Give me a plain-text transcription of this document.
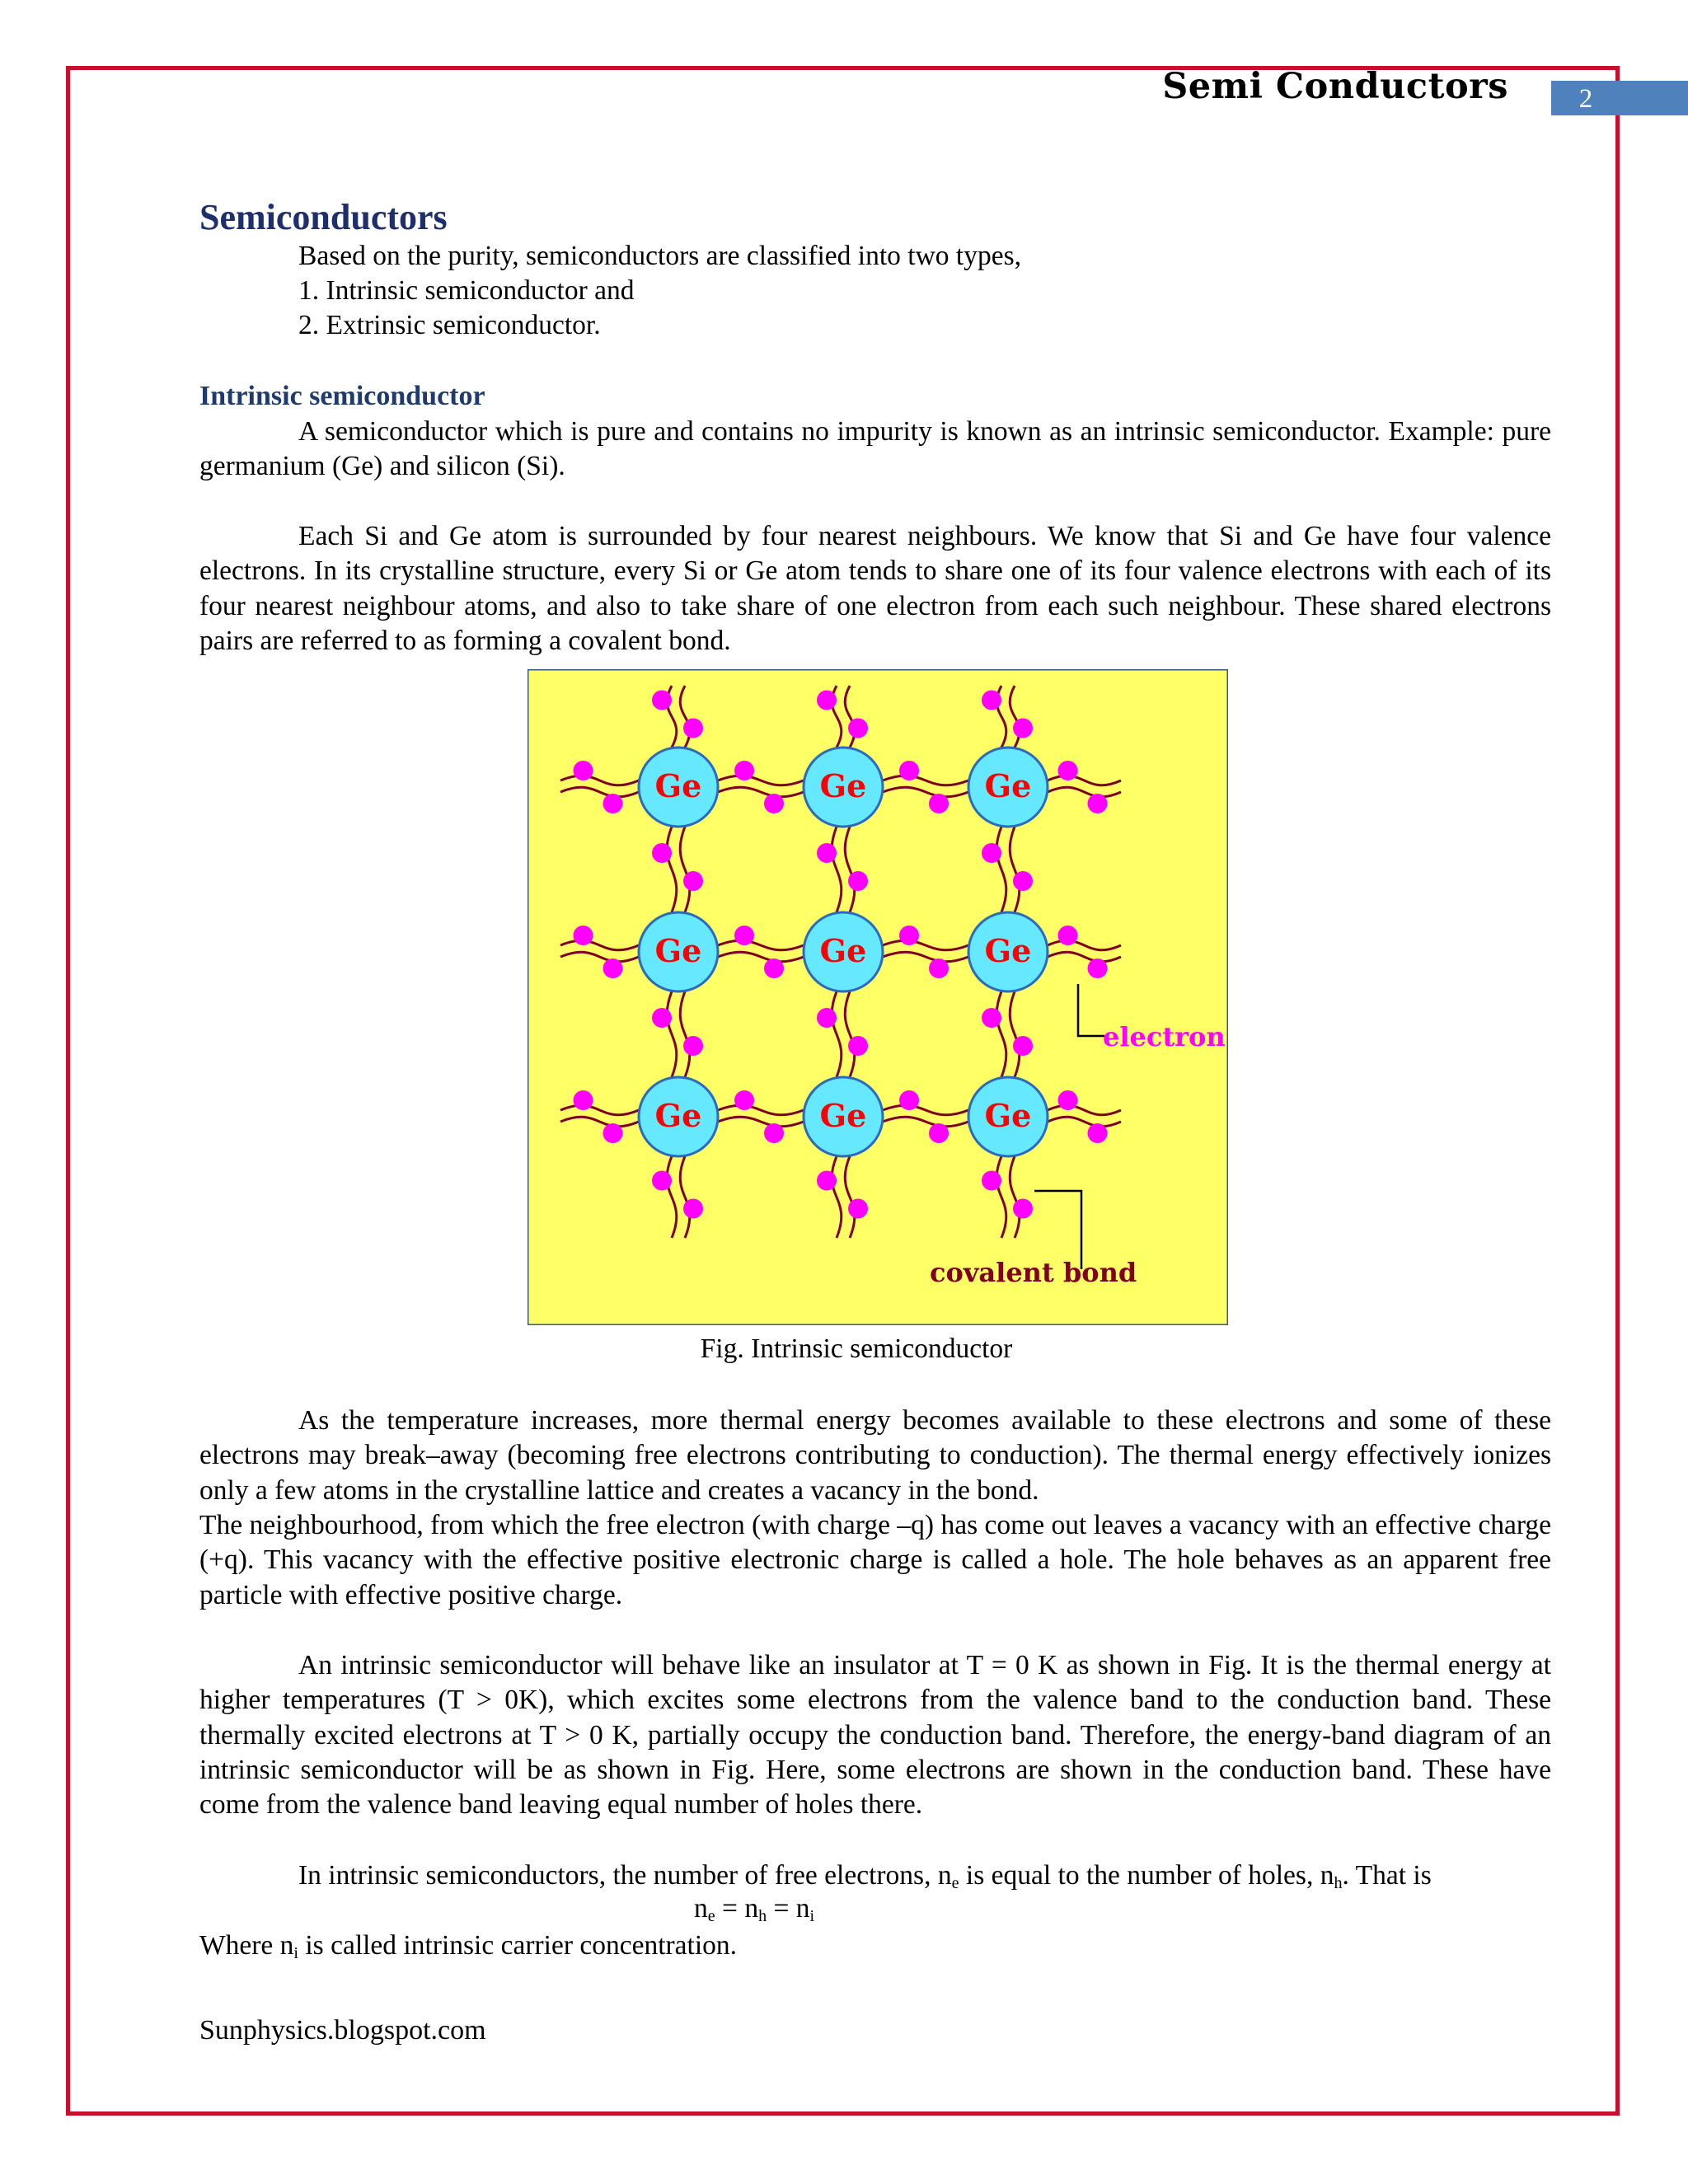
Semi Conductors	2
Semiconductors
Based on the purity, semiconductors are classified into two types,
1. Intrinsic semiconductor and
2. Extrinsic semiconductor.
Intrinsic semiconductor

A semiconductor which is pure and contains no impurity is known as an intrinsic semiconductor. Example: pure germanium (Ge) and silicon (Si).

Each Si and Ge atom is surrounded by four nearest neighbours. We know that Si and Ge have four valence electrons. In its crystalline structure, every Si or Ge atom tends to share one of its four valence electrons with each of its four nearest neighbour atoms, and also to take share of one electron from each such neighbour. These shared electrons pairs are referred to as forming a covalent bond.

Ge	Ge	Ge
Ge	Ge	Ge
Ge	Ge	Ge
electron
covalent bond
Fig. Intrinsic semiconductor

As the temperature increases, more thermal energy becomes available to these electrons and some of these electrons may break–away (becoming free electrons contributing to conduction). The thermal energy effectively ionizes only a few atoms in the crystalline lattice and creates a vacancy in the bond.

The neighbourhood, from which the free electron (with charge –q) has come out leaves a vacancy with an effective charge (+q). This vacancy with the effective positive electronic charge is called a hole. The hole behaves as an apparent free particle with effective positive charge.

An intrinsic semiconductor will behave like an insulator at T = 0 K as shown in Fig. It is the thermal energy at higher temperatures (T > 0K), which excites some electrons from the valence band to the conduction band. These thermally excited electrons at T > 0 K, partially occupy the conduction band. Therefore, the energy-band diagram of an intrinsic semiconductor will be as shown in Fig. Here, some electrons are shown in the conduction band. These have come from the valence band leaving equal number of holes there.

In intrinsic semiconductors, the number of free electrons, $n_e$ is equal to the number of holes, $n_h$. That is

$n_e = n_h = n_i$

Where $n_i$ is called intrinsic carrier concentration.

Sunphysics.blogspot.com
